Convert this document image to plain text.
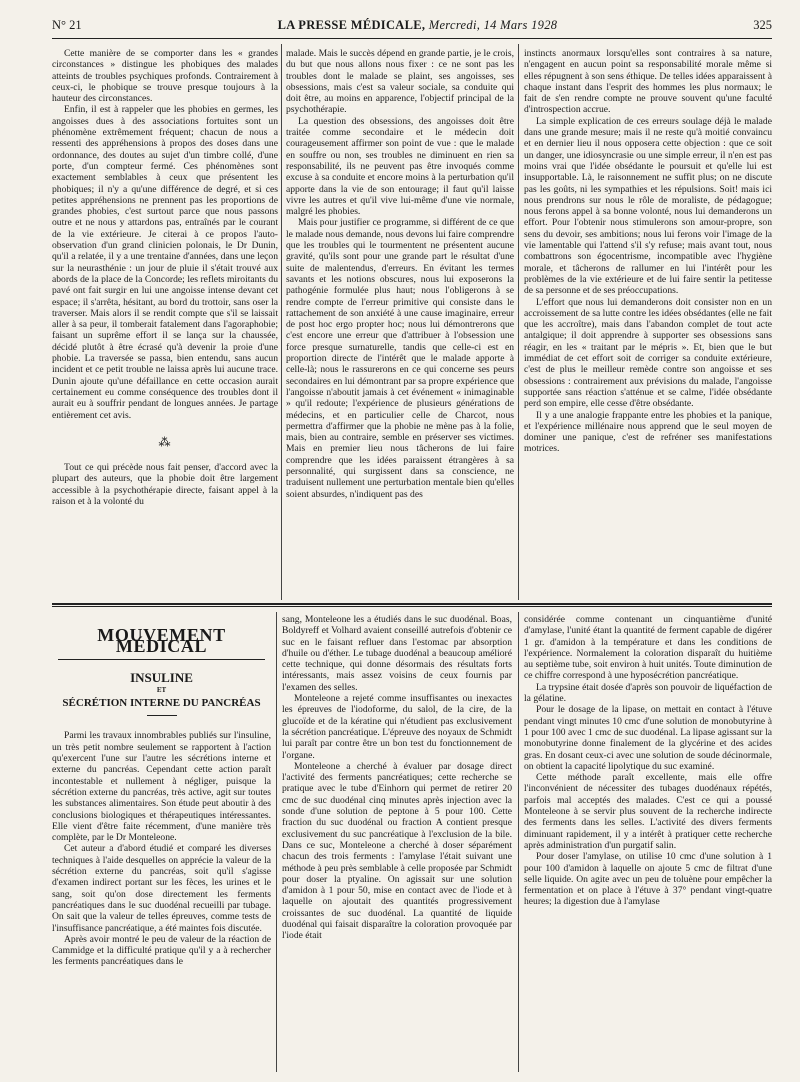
N° 21	LA PRESSE MÉDICALE, Mercredi, 14 Mars 1928	325

Cette manière de se comporter dans les « grandes circonstances » distingue les phobiques des malades atteints de troubles psychiques profonds. Contrairement à ceux-ci, le phobique se trouve presque toujours à la hauteur des circonstances.

Enfin, il est à rappeler que les phobies en germes, les angoisses dues à des associations fortuites sont un phénomène extrêmement fréquent; chacun de nous a ressenti des appréhensions à propos des doses dans une ordonnance, des doutes au sujet d'un timbre collé, d'une porte, d'un compteur fermé. Ces phénomènes sont exactement semblables à ceux que présentent les phobiques; il n'y a qu'une différence de degré, et si ces petites appréhensions ne prennent pas les proportions de grandes phobies, c'est surtout parce que nous passons outre et ne nous y attardons pas, entraînés par le courant de la vie extérieure. Je citerai à ce propos l'auto-observation d'un grand clinicien polonais, le Dr Dunin, qu'il a relatée, il y a une trentaine d'années, dans une leçon sur la neurasthénie : un jour de pluie il s'était trouvé aux abords de la place de la Concorde; les reflets miroitants du pavé ont fait surgir en lui une angoisse intense devant cet espace; il s'arrêta, hésitant, au bord du trottoir, sans oser la traverser. Mais alors il se rendit compte que s'il se laissait aller à sa peur, il tomberait fatalement dans l'agoraphobie; faisant un suprême effort il se lança sur la chaussée, décidé plutôt à être écrasé qu'à devenir la proie d'une phobie. La traversée se passa, bien entendu, sans aucun incident et ce petit trouble ne laissa après lui aucune trace. Dunin ajoute qu'une défaillance en cette occasion aurait certainement eu comme conséquence des troubles dont il aurait eu à souffrir pendant de longues années. Je partage entièrement cet avis.

⁂

Tout ce qui précède nous fait penser, d'accord avec la plupart des auteurs, que la phobie doit être largement accessible à la psychothérapie directe, faisant appel à la raison et à la volonté du

malade. Mais le succès dépend en grande partie, je le crois, du but que nous allons nous fixer : ce ne sont pas les troubles dont le malade se plaint, ses angoisses, ses obsessions, mais c'est sa valeur sociale, sa conduite qui doit être, au moins en apparence, l'objectif principal de la psychothérapie.

La question des obsessions, des angoisses doit être traitée comme secondaire et le médecin doit courageusement affirmer son point de vue : que le malade en souffre ou non, ses troubles ne diminuent en rien sa responsabilité, ils ne peuvent pas être invoqués comme excuse à sa conduite et encore moins à la perturbation qu'il apporte dans la vie de son entourage; il faut qu'il laisse vivre les autres et qu'il vive lui-même d'une vie normale, malgré les phobies.

Mais pour justifier ce programme, si différent de ce que le malade nous demande, nous devons lui faire comprendre que les troubles qui le tourmentent ne présentent aucune gravité, qu'ils sont pour une grande part le résultat d'une suite de malentendus, d'erreurs. En évitant les termes savants et les notions obscures, nous lui exposerons la pathogénie formulée plus haut; nous l'obligerons à se rendre compte de l'erreur primitive qui consiste dans le rattachement de son anxiété à une cause imaginaire, erreur de post hoc ergo propter hoc; nous lui démontrerons que c'est encore une erreur que d'attribuer à l'obsession une force presque surnaturelle, tandis que celle-ci est en proportion directe de l'intérêt que le malade apporte à celle-là; nous le rassurerons en ce qui concerne ses peurs secondaires en lui démontrant par sa propre expérience que l'angoisse n'aboutit jamais à cet événement « inimaginable » qu'il redoute; l'expérience de plusieurs générations de médecins, et en particulier celle de Charcot, nous permettra d'affirmer que la phobie ne mène pas à la folie, mais, bien au contraire, semble en préserver ses victimes. Mais en premier lieu nous tâcherons de lui faire comprendre que les idées paraissent étrangères à sa personnalité, qui surgissent dans sa conscience, ne traduisent nullement une perturbation mentale bien qu'elles soient absurdes, n'indiquent pas des

instincts anormaux lorsqu'elles sont contraires à sa nature, n'engagent en aucun point sa responsabilité morale même si elles répugnent à son sens éthique. De telles idées apparaissent à chaque instant dans l'esprit des hommes les plus normaux; le fait de s'en rendre compte ne prouve souvent qu'une faculté d'introspection accrue.

La simple explication de ces erreurs soulage déjà le malade dans une grande mesure; mais il ne reste qu'à moitié convaincu et en dernier lieu il nous opposera cette objection : que ce soit un danger, une idiosyncrasie ou une simple erreur, il n'en est pas moins vrai que l'idée obsédante le poursuit et qu'elle lui est insupportable. Là, le raisonnement ne suffit plus; on ne discute pas les goûts, ni les sympathies et les répulsions. Soit! mais ici nous prendrons sur nous le rôle de moraliste, de pédagogue; nous ferons appel à sa bonne volonté, nous lui demanderons un effort. Pour l'obtenir nous stimulerons son amour-propre, son sens du devoir, ses ambitions; nous lui ferons voir l'image de la vie lamentable qui l'attend s'il s'y refuse; mais avant tout, nous combattrons son égocentrisme, incompatible avec l'hygiène morale, et tâcherons de rallumer en lui l'intérêt pour les problèmes de la vie extérieure et de lui faire sentir la petitesse de sa personne et de ses préoccupations.

L'effort que nous lui demanderons doit consister non en un accroissement de sa lutte contre les idées obsédantes (elle ne fait que les accroître), mais dans l'abandon complet de tout acte antalgique; il doit apprendre à supporter ses obsessions sans réagir, en les « traitant par le mépris ». Et, bien que le but immédiat de cet effort soit de corriger sa conduite extérieure, c'est de plus le meilleur remède contre son angoisse et ses obsessions : contrairement aux prévisions du malade, l'angoisse supportée sans réaction s'atténue et se calme, l'idée obsédante perd son empire, elle cesse d'être obsédante.

Il y a une analogie frappante entre les phobies et la panique, et l'expérience millénaire nous apprend que le seul moyen de dominer une panique, c'est de refréner ses manifestations motrices.

MOUVEMENT MÉDICAL
INSULINE
ET
SÉCRÉTION INTERNE DU PANCRÉAS

Parmi les travaux innombrables publiés sur l'insuline, un très petit nombre seulement se rapportent à l'action qu'exercent l'une sur l'autre les sécrétions interne et externe du pancréas. Cependant cette action paraît incontestable et nullement à négliger, puisque la sécrétion externe du pancréas, très active, agit sur toutes les substances alimentaires. Son étude peut aboutir à des conclusions biologiques et thérapeutiques intéressantes. Elle vient d'être faite récemment, d'une manière très complète, par le Dr Monteleone.

Cet auteur a d'abord étudié et comparé les diverses techniques à l'aide desquelles on apprécie la valeur de la sécrétion externe du pancréas, soit qu'il s'agisse d'examen indirect portant sur les fèces, les urines et le sang, soit qu'on dose directement les ferments pancréatiques dans le suc duodénal recueilli par tubage. On sait que la valeur de telles épreuves, comme tests de l'insuffisance pancréatique, a été maintes fois discutée.

Après avoir montré le peu de valeur de la réaction de Cammidge et la difficulté pratique qu'il y a à rechercher les ferments pancréatiques dans le

sang, Monteleone les a étudiés dans le suc duodénal. Boas, Boldyreff et Volhard avaient conseillé autrefois d'obtenir ce suc en le faisant refluer dans l'estomac par absorption d'huile ou d'éther. Le tubage duodénal a beaucoup amélioré cette technique, qui donne désormais des résultats forts intéressants, mais assez voisins de ceux fournis par l'examen des selles.

Monteleone a rejeté comme insuffisantes ou inexactes les épreuves de l'iodoforme, du salol, de la cire, de la glucoïde et de la kératine qui n'étudient pas exclusivement la sécrétion pancréatique. L'épreuve des noyaux de Schmidt lui paraît par contre être un bon test du fonctionnement de l'organe.

Monteleone a cherché à évaluer par dosage direct l'activité des ferments pancréatiques; cette recherche se pratique avec le tube d'Einhorn qui permet de retirer 20 cmc de suc duodénal cinq minutes après injection avec la sonde d'une solution de peptone à 5 pour 100. Cette fraction du suc duodénal ou fraction A contient presque exclusivement du suc pancréatique à l'exclusion de la bile. Dans ce suc, Monteleone a cherché à doser séparément chacun des trois ferments : l'amylase l'était suivant une méthode à peu près semblable à celle proposée par Schmidt pour doser la ptyaline. On agissait sur une solution d'amidon à 1 pour 50, mise en contact avec de l'iode et à laquelle on ajoutait des quantités progressivement croissantes de suc duodénal. La quantité de liquide duodénal qui faisait disparaître la coloration provoquée par l'iode était

considérée comme contenant un cinquantième d'unité d'amylase, l'unité étant la quantité de ferment capable de digérer 1 gr. d'amidon à la température et dans les conditions de l'expérience. Normalement la coloration disparaît du huitième au septième tube, soit environ à huit unités. Toute diminution de ce chiffre correspond à une hyposécrétion pancréatique.

La trypsine était dosée d'après son pouvoir de liquéfaction de la gélatine.

Pour le dosage de la lipase, on mettait en contact à l'étuve pendant vingt minutes 10 cmc d'une solution de monobutyrine à 1 pour 100 avec 1 cmc de suc duodénal. La lipase agissant sur la monobutyrine donne finalement de la glycérine et des acides gras. En dosant ceux-ci avec une solution de soude décinormale, on obtient la capacité lipolytique du suc examiné.

Cette méthode paraît excellente, mais elle offre l'inconvénient de nécessiter des tubages duodénaux répétés, parfois mal acceptés des malades. C'est ce qui a poussé Monteleone à se servir plus souvent de la recherche indirecte des ferments dans les selles. L'activité des divers ferments diminuant rapidement, il y a intérêt à pratiquer cette recherche après administration d'un purgatif salin.

Pour doser l'amylase, on utilise 10 cmc d'une solution à 1 pour 100 d'amidon à laquelle on ajoute 5 cmc de filtrat d'une selle liquide. On agite avec un peu de toluène pour empêcher la fermentation et on place à l'étuve à 37° pendant vingt-quatre heures; la digestion due à l'amylase
